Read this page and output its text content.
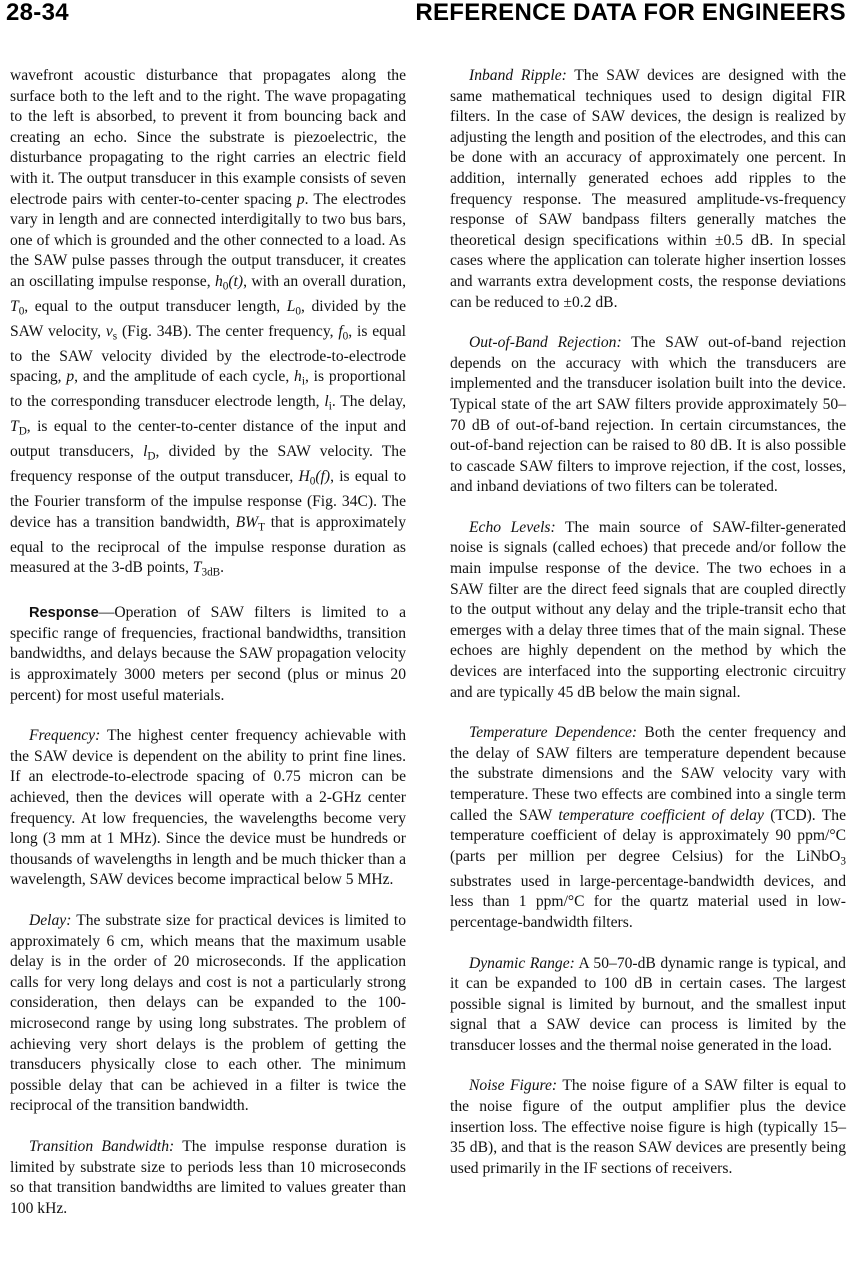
28-34	REFERENCE DATA FOR ENGINEERS

wavefront acoustic disturbance that propagates along the surface both to the left and to the right. The wave propagating to the left is absorbed, to prevent it from bouncing back and creating an echo. Since the substrate is piezoelectric, the disturbance propagating to the right carries an electric field with it. The output transducer in this example consists of seven electrode pairs with center-to-center spacing p. The electrodes vary in length and are connected interdigitally to two bus bars, one of which is grounded and the other connected to a load. As the SAW pulse passes through the output transducer, it creates an oscillating impulse response, $h_0(t)$, with an overall duration, $T_0$, equal to the output transducer length, $L_0$, divided by the SAW velocity, $v_s$ (Fig. 34B). The center frequency, $f_0$, is equal to the SAW velocity divided by the electrode-to-electrode spacing, p, and the amplitude of each cycle, $h_i$, is proportional to the corresponding transducer electrode length, $l_i$. The delay, $T_D$, is equal to the center-to-center distance of the input and output transducers, $l_D$, divided by the SAW velocity. The frequency response of the output transducer, $H_0(f)$, is equal to the Fourier transform of the impulse response (Fig. 34C). The device has a transition bandwidth, $BW_T$ that is approximately equal to the reciprocal of the impulse response duration as measured at the 3-dB points, $T_{3dB}$.

Response—Operation of SAW filters is limited to a specific range of frequencies, fractional bandwidths, transition bandwidths, and delays because the SAW propagation velocity is approximately 3000 meters per second (plus or minus 20 percent) for most useful materials.

Frequency: The highest center frequency achievable with the SAW device is dependent on the ability to print fine lines. If an electrode-to-electrode spacing of 0.75 micron can be achieved, then the devices will operate with a 2-GHz center frequency. At low frequencies, the wavelengths become very long (3 mm at 1 MHz). Since the device must be hundreds or thousands of wavelengths in length and be much thicker than a wavelength, SAW devices become impractical below 5 MHz.

Delay: The substrate size for practical devices is limited to approximately 6 cm, which means that the maximum usable delay is in the order of 20 microseconds. If the application calls for very long delays and cost is not a particularly strong consideration, then delays can be expanded to the 100-microsecond range by using long substrates. The problem of achieving very short delays is the problem of getting the transducers physically close to each other. The minimum possible delay that can be achieved in a filter is twice the reciprocal of the transition bandwidth.

Transition Bandwidth: The impulse response duration is limited by substrate size to periods less than 10 microseconds so that transition bandwidths are limited to values greater than 100 kHz.

Inband Ripple: The SAW devices are designed with the same mathematical techniques used to design digital FIR filters. In the case of SAW devices, the design is realized by adjusting the length and position of the electrodes, and this can be done with an accuracy of approximately one percent. In addition, internally generated echoes add ripples to the frequency response. The measured amplitude-vs-frequency response of SAW bandpass filters generally matches the theoretical design specifications within ±0.5 dB. In special cases where the application can tolerate higher insertion losses and warrants extra development costs, the response deviations can be reduced to ±0.2 dB.

Out-of-Band Rejection: The SAW out-of-band rejection depends on the accuracy with which the transducers are implemented and the transducer isolation built into the device. Typical state of the art SAW filters provide approximately 50–70 dB of out-of-band rejection. In certain circumstances, the out-of-band rejection can be raised to 80 dB. It is also possible to cascade SAW filters to improve rejection, if the cost, losses, and inband deviations of two filters can be tolerated.

Echo Levels: The main source of SAW-filter-generated noise is signals (called echoes) that precede and/or follow the main impulse response of the device. The two echoes in a SAW filter are the direct feed signals that are coupled directly to the output without any delay and the triple-transit echo that emerges with a delay three times that of the main signal. These echoes are highly dependent on the method by which the devices are interfaced into the supporting electronic circuitry and are typically 45 dB below the main signal.

Temperature Dependence: Both the center frequency and the delay of SAW filters are temperature dependent because the substrate dimensions and the SAW velocity vary with temperature. These two effects are combined into a single term called the SAW temperature coefficient of delay (TCD). The temperature coefficient of delay is approximately 90 ppm/°C (parts per million per degree Celsius) for the LiNbO$_3$ substrates used in large-percentage-bandwidth devices, and less than 1 ppm/°C for the quartz material used in low-percentage-bandwidth filters.

Dynamic Range: A 50–70-dB dynamic range is typical, and it can be expanded to 100 dB in certain cases. The largest possible signal is limited by burnout, and the smallest input signal that a SAW device can process is limited by the transducer losses and the thermal noise generated in the load.

Noise Figure: The noise figure of a SAW filter is equal to the noise figure of the output amplifier plus the device insertion loss. The effective noise figure is high (typically 15–35 dB), and that is the reason SAW devices are presently being used primarily in the IF sections of receivers.
